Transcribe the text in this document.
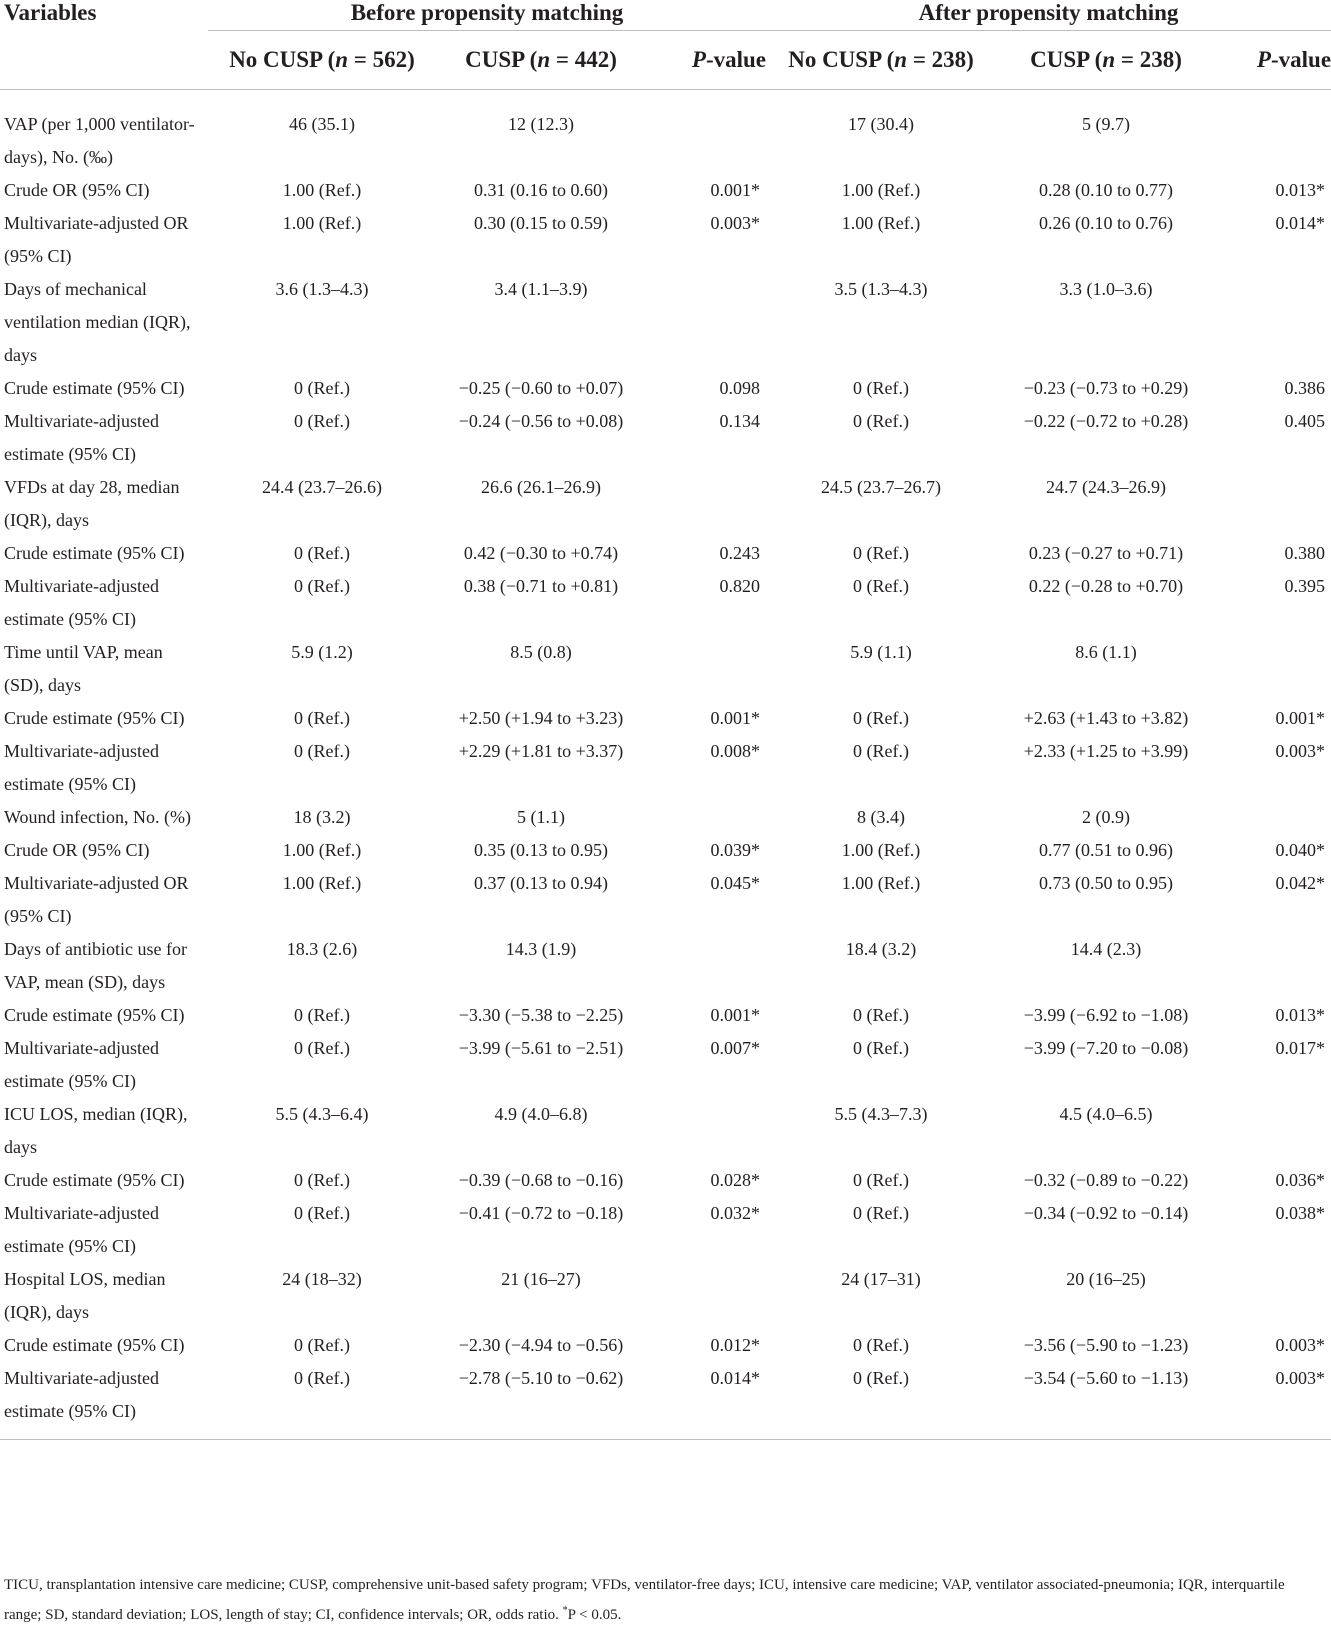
Variables	Before propensity matching			After propensity matching		
	No CUSP (n = 562)	CUSP (n = 442)	P-value	No CUSP (n = 238)	CUSP (n = 238)	P-value

VAP (per 1,000 ventilator-days), No. (‰)	46 (35.1)	12 (12.3)		17 (30.4)	5 (9.7)	
Crude OR (95% CI)	1.00 (Ref.)	0.31 (0.16 to 0.60)	0.001*	1.00 (Ref.)	0.28 (0.10 to 0.77)	0.013*
Multivariate-adjusted OR (95% CI)	1.00 (Ref.)	0.30 (0.15 to 0.59)	0.003*	1.00 (Ref.)	0.26 (0.10 to 0.76)	0.014*
Days of mechanical ventilation median (IQR), days	3.6 (1.3–4.3)	3.4 (1.1–3.9)		3.5 (1.3–4.3)	3.3 (1.0–3.6)	
Crude estimate (95% CI)	0 (Ref.)	−0.25 (−0.60 to +0.07)	0.098	0 (Ref.)	−0.23 (−0.73 to +0.29)	0.386
Multivariate-adjusted estimate (95% CI)	0 (Ref.)	−0.24 (−0.56 to +0.08)	0.134	0 (Ref.)	−0.22 (−0.72 to +0.28)	0.405
VFDs at day 28, median (IQR), days	24.4 (23.7–26.6)	26.6 (26.1–26.9)		24.5 (23.7–26.7)	24.7 (24.3–26.9)	
Crude estimate (95% CI)	0 (Ref.)	0.42 (−0.30 to +0.74)	0.243	0 (Ref.)	0.23 (−0.27 to +0.71)	0.380
Multivariate-adjusted estimate (95% CI)	0 (Ref.)	0.38 (−0.71 to +0.81)	0.820	0 (Ref.)	0.22 (−0.28 to +0.70)	0.395
Time until VAP, mean (SD), days	5.9 (1.2)	8.5 (0.8)		5.9 (1.1)	8.6 (1.1)	
Crude estimate (95% CI)	0 (Ref.)	+2.50 (+1.94 to +3.23)	0.001*	0 (Ref.)	+2.63 (+1.43 to +3.82)	0.001*
Multivariate-adjusted estimate (95% CI)	0 (Ref.)	+2.29 (+1.81 to +3.37)	0.008*	0 (Ref.)	+2.33 (+1.25 to +3.99)	0.003*
Wound infection, No. (%)	18 (3.2)	5 (1.1)		8 (3.4)	2 (0.9)	
Crude OR (95% CI)	1.00 (Ref.)	0.35 (0.13 to 0.95)	0.039*	1.00 (Ref.)	0.77 (0.51 to 0.96)	0.040*
Multivariate-adjusted OR (95% CI)	1.00 (Ref.)	0.37 (0.13 to 0.94)	0.045*	1.00 (Ref.)	0.73 (0.50 to 0.95)	0.042*
Days of antibiotic use for VAP, mean (SD), days	18.3 (2.6)	14.3 (1.9)		18.4 (3.2)	14.4 (2.3)	
Crude estimate (95% CI)	0 (Ref.)	−3.30 (−5.38 to −2.25)	0.001*	0 (Ref.)	−3.99 (−6.92 to −1.08)	0.013*
Multivariate-adjusted estimate (95% CI)	0 (Ref.)	−3.99 (−5.61 to −2.51)	0.007*	0 (Ref.)	−3.99 (−7.20 to −0.08)	0.017*
ICU LOS, median (IQR), days	5.5 (4.3–6.4)	4.9 (4.0–6.8)		5.5 (4.3–7.3)	4.5 (4.0–6.5)	
Crude estimate (95% CI)	0 (Ref.)	−0.39 (−0.68 to −0.16)	0.028*	0 (Ref.)	−0.32 (−0.89 to −0.22)	0.036*
Multivariate-adjusted estimate (95% CI)	0 (Ref.)	−0.41 (−0.72 to −0.18)	0.032*	0 (Ref.)	−0.34 (−0.92 to −0.14)	0.038*
Hospital LOS, median (IQR), days	24 (18–32)	21 (16–27)		24 (17–31)	20 (16–25)	
Crude estimate (95% CI)	0 (Ref.)	−2.30 (−4.94 to −0.56)	0.012*	0 (Ref.)	−3.56 (−5.90 to −1.23)	0.003*
Multivariate-adjusted estimate (95% CI)	0 (Ref.)	−2.78 (−5.10 to −0.62)	0.014*	0 (Ref.)	−3.54 (−5.60 to −1.13)	0.003*

TICU, transplantation intensive care medicine; CUSP, comprehensive unit-based safety program; VFDs, ventilator-free days; ICU, intensive care medicine; VAP, ventilator associated-pneumonia; IQR, interquartile range; SD, standard deviation; LOS, length of stay; CI, confidence intervals; OR, odds ratio. *P < 0.05.
